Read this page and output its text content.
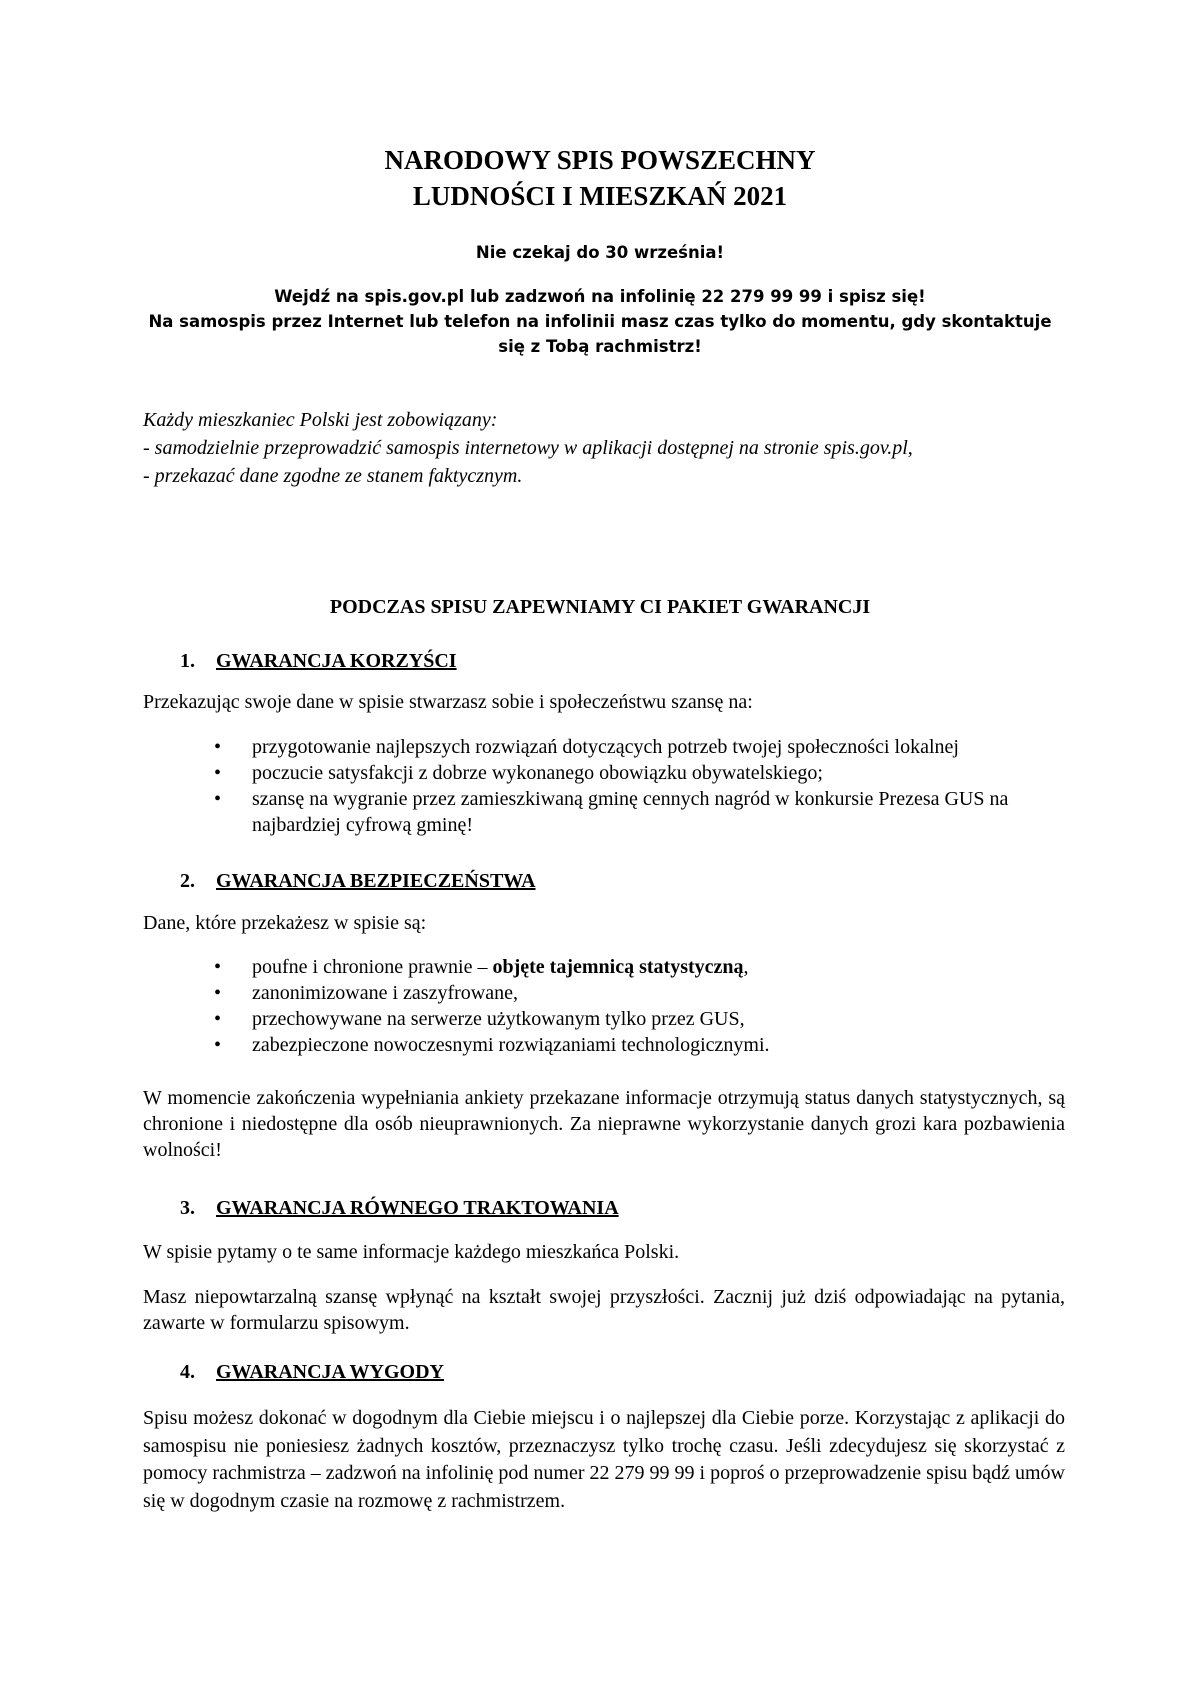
NARODOWY SPIS POWSZECHNY
LUDNOŚCI I MIESZKAŃ 2021
Nie czekaj do 30 września!
Wejdź na spis.gov.pl lub zadzwoń na infolinię 22 279 99 99 i spisz się!
Na samospis przez Internet lub telefon na infolinii masz czas tylko do momentu, gdy skontaktuje
się z Tobą rachmistrz!
Każdy mieszkaniec Polski jest zobowiązany:
- samodzielnie przeprowadzić samospis internetowy w aplikacji dostępnej na stronie spis.gov.pl,
- przekazać dane zgodne ze stanem faktycznym.
PODCZAS SPISU ZAPEWNIAMY CI PAKIET GWARANCJI
1. GWARANCJA KORZYŚCI
Przekazując swoje dane w spisie stwarzasz sobie i społeczeństwu szansę na:
•	przygotowanie najlepszych rozwiązań dotyczących potrzeb twojej społeczności lokalnej
•	poczucie satysfakcji z dobrze wykonanego obowiązku obywatelskiego;
•	szansę na wygranie przez zamieszkiwaną gminę cennych nagród w konkursie Prezesa GUS na najbardziej cyfrową gminę!
2. GWARANCJA BEZPIECZEŃSTWA
Dane, które przekażesz w spisie są:
•	poufne i chronione prawnie – objęte tajemnicą statystyczną,
•	zanonimizowane i zaszyfrowane,
•	przechowywane na serwerze użytkowanym tylko przez GUS,
•	zabezpieczone nowoczesnymi rozwiązaniami technologicznymi.
W momencie zakończenia wypełniania ankiety przekazane informacje otrzymują status danych statystycznych, są chronione i niedostępne dla osób nieuprawnionych. Za nieprawne wykorzystanie danych grozi kara pozbawienia wolności!
3. GWARANCJA RÓWNEGO TRAKTOWANIA
W spisie pytamy o te same informacje każdego mieszkańca Polski.
Masz niepowtarzalną szansę wpłynąć na kształt swojej przyszłości. Zacznij już dziś odpowiadając na pytania, zawarte w formularzu spisowym.
4. GWARANCJA WYGODY
Spisu możesz dokonać w dogodnym dla Ciebie miejscu i o najlepszej dla Ciebie porze. Korzystając z aplikacji do samospisu nie poniesiesz żadnych kosztów, przeznaczysz tylko trochę czasu. Jeśli zdecydujesz się skorzystać z pomocy rachmistrza – zadzwoń na infolinię pod numer 22 279 99 99 i poproś o przeprowadzenie spisu bądź umów się w dogodnym czasie na rozmowę z rachmistrzem.
